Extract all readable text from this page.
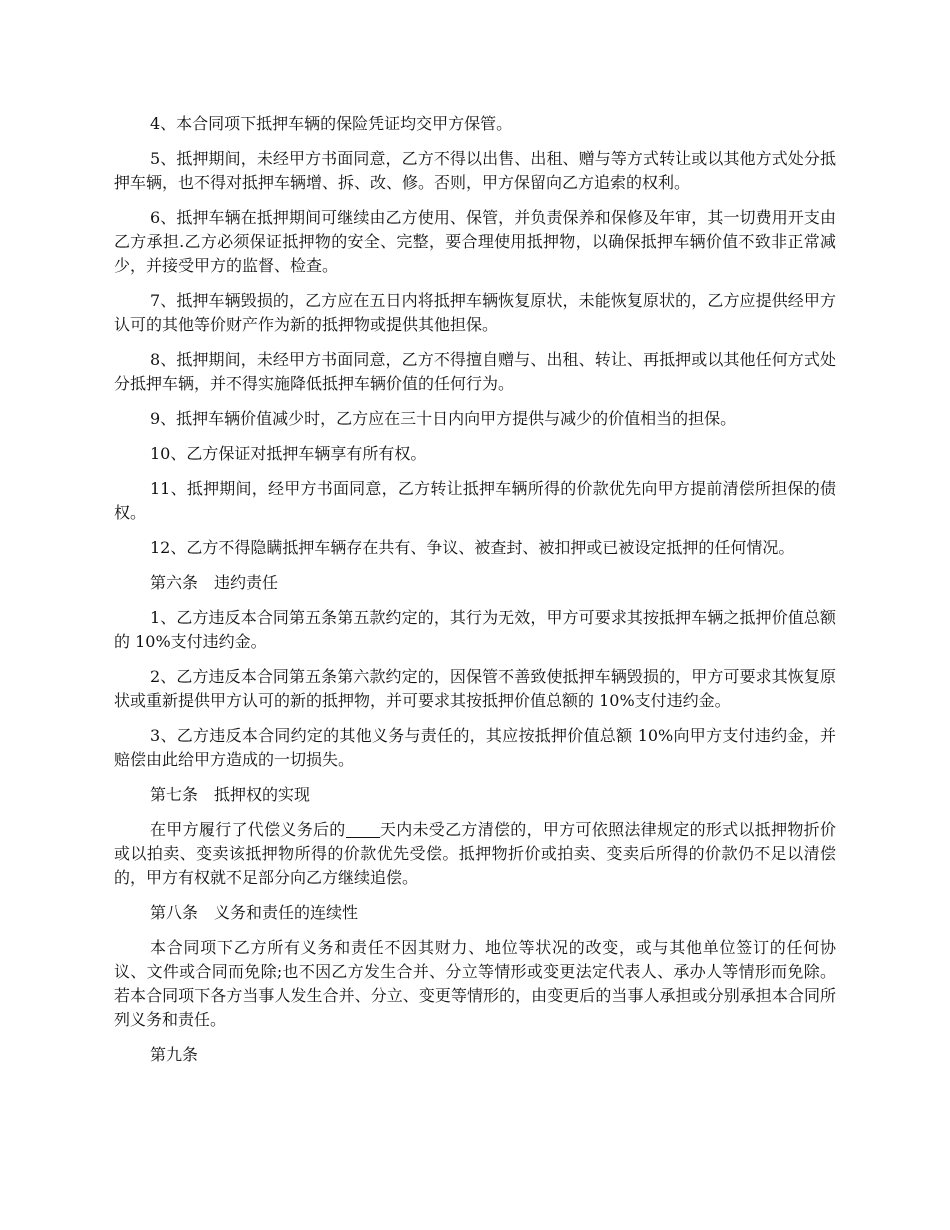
4、本合同项下抵押车辆的保险凭证均交甲方保管。

5、抵押期间，未经甲方书面同意，乙方不得以出售、出租、赠与等方式转让或以其他方式处分抵押车辆，也不得对抵押车辆增、拆、改、修。否则，甲方保留向乙方追索的权利。

6、抵押车辆在抵押期间可继续由乙方使用、保管，并负责保养和保修及年审，其一切费用开支由乙方承担.乙方必须保证抵押物的安全、完整，要合理使用抵押物，以确保抵押车辆价值不致非正常减少，并接受甲方的监督、检查。

7、抵押车辆毁损的，乙方应在五日内将抵押车辆恢复原状，未能恢复原状的，乙方应提供经甲方认可的其他等价财产作为新的抵押物或提供其他担保。

8、抵押期间，未经甲方书面同意，乙方不得擅自赠与、出租、转让、再抵押或以其他任何方式处分抵押车辆，并不得实施降低抵押车辆价值的任何行为。

9、抵押车辆价值减少时，乙方应在三十日内向甲方提供与减少的价值相当的担保。

10、乙方保证对抵押车辆享有所有权。

11、抵押期间，经甲方书面同意，乙方转让抵押车辆所得的价款优先向甲方提前清偿所担保的债权。

12、乙方不得隐瞒抵押车辆存在共有、争议、被查封、被扣押或已被设定抵押的任何情况。

第六条　违约责任

1、乙方违反本合同第五条第五款约定的，其行为无效，甲方可要求其按抵押车辆之抵押价值总额的 10%支付违约金。

2、乙方违反本合同第五条第六款约定的，因保管不善致使抵押车辆毁损的，甲方可要求其恢复原状或重新提供甲方认可的新的抵押物，并可要求其按抵押价值总额的 10%支付违约金。

3、乙方违反本合同约定的其他义务与责任的，其应按抵押价值总额 10%向甲方支付违约金，并赔偿由此给甲方造成的一切损失。

第七条　抵押权的实现

在甲方履行了代偿义务后的 天内未受乙方清偿的，甲方可依照法律规定的形式以抵押物折价或以拍卖、变卖该抵押物所得的价款优先受偿。抵押物折价或拍卖、变卖后所得的价款仍不足以清偿的，甲方有权就不足部分向乙方继续追偿。

第八条　义务和责任的连续性

本合同项下乙方所有义务和责任不因其财力、地位等状况的改变，或与其他单位签订的任何协议、文件或合同而免除;也不因乙方发生合并、分立等情形或变更法定代表人、承办人等情形而免除。若本合同项下各方当事人发生合并、分立、变更等情形的，由变更后的当事人承担或分别承担本合同所列义务和责任。

第九条
